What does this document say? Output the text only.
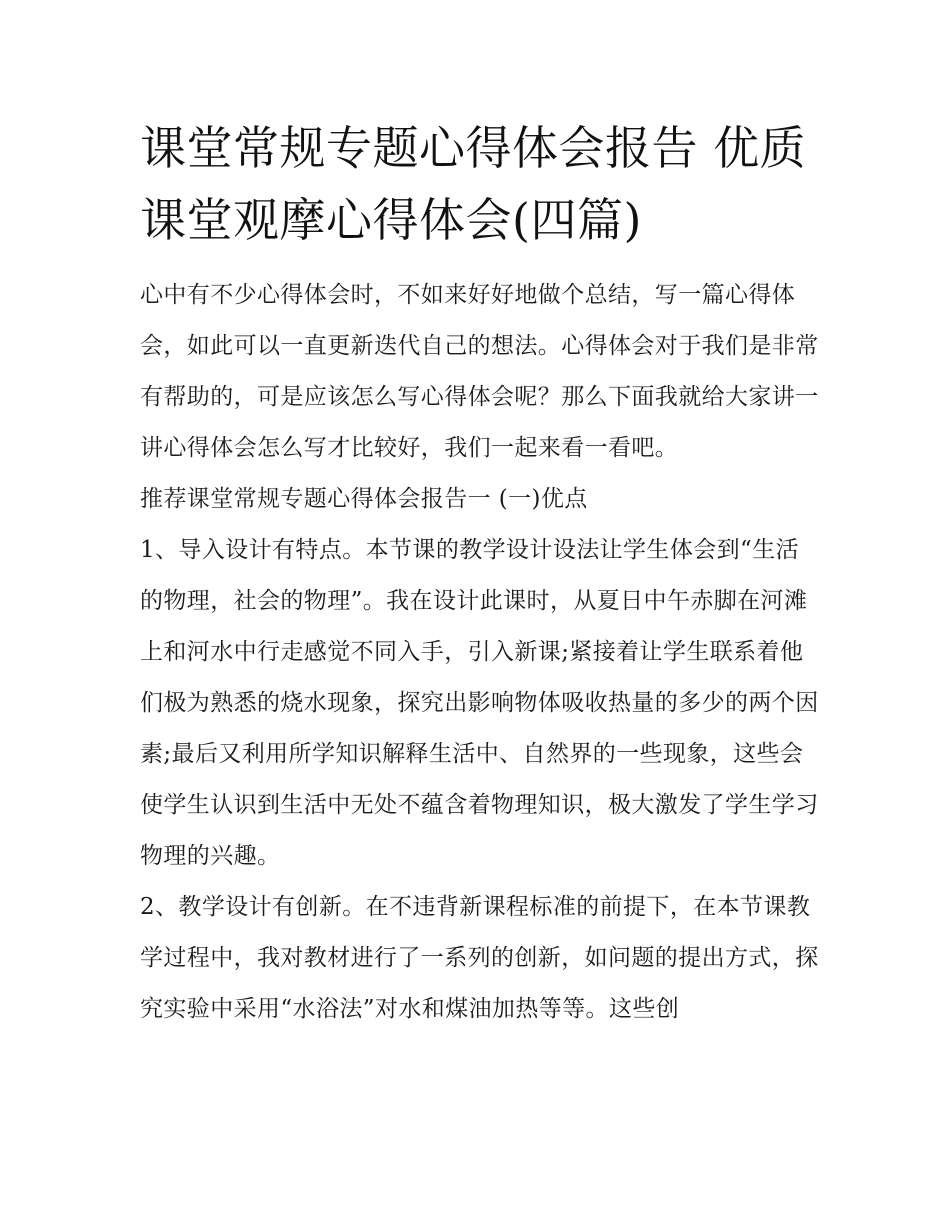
课堂常规专题心得体会报告 优质课堂观摩心得体会(四篇)

心中有不少心得体会时，不如来好好地做个总结，写一篇心得体会，如此可以一直更新迭代自己的想法。心得体会对于我们是非常有帮助的，可是应该怎么写心得体会呢？那么下面我就给大家讲一讲心得体会怎么写才比较好，我们一起来看一看吧。

推荐课堂常规专题心得体会报告一 (一)优点

1、导入设计有特点。本节课的教学设计设法让学生体会到“生活的物理，社会的物理”。我在设计此课时，从夏日中午赤脚在河滩上和河水中行走感觉不同入手，引入新课;紧接着让学生联系着他们极为熟悉的烧水现象，探究出影响物体吸收热量的多少的两个因素;最后又利用所学知识解释生活中、自然界的一些现象，这些会使学生认识到生活中无处不蕴含着物理知识，极大激发了学生学习物理的兴趣。

2、教学设计有创新。在不违背新课程标准的前提下，在本节课教学过程中，我对教材进行了一系列的创新，如问题的提出方式，探究实验中采用“水浴法”对水和煤油加热等等。这些创
